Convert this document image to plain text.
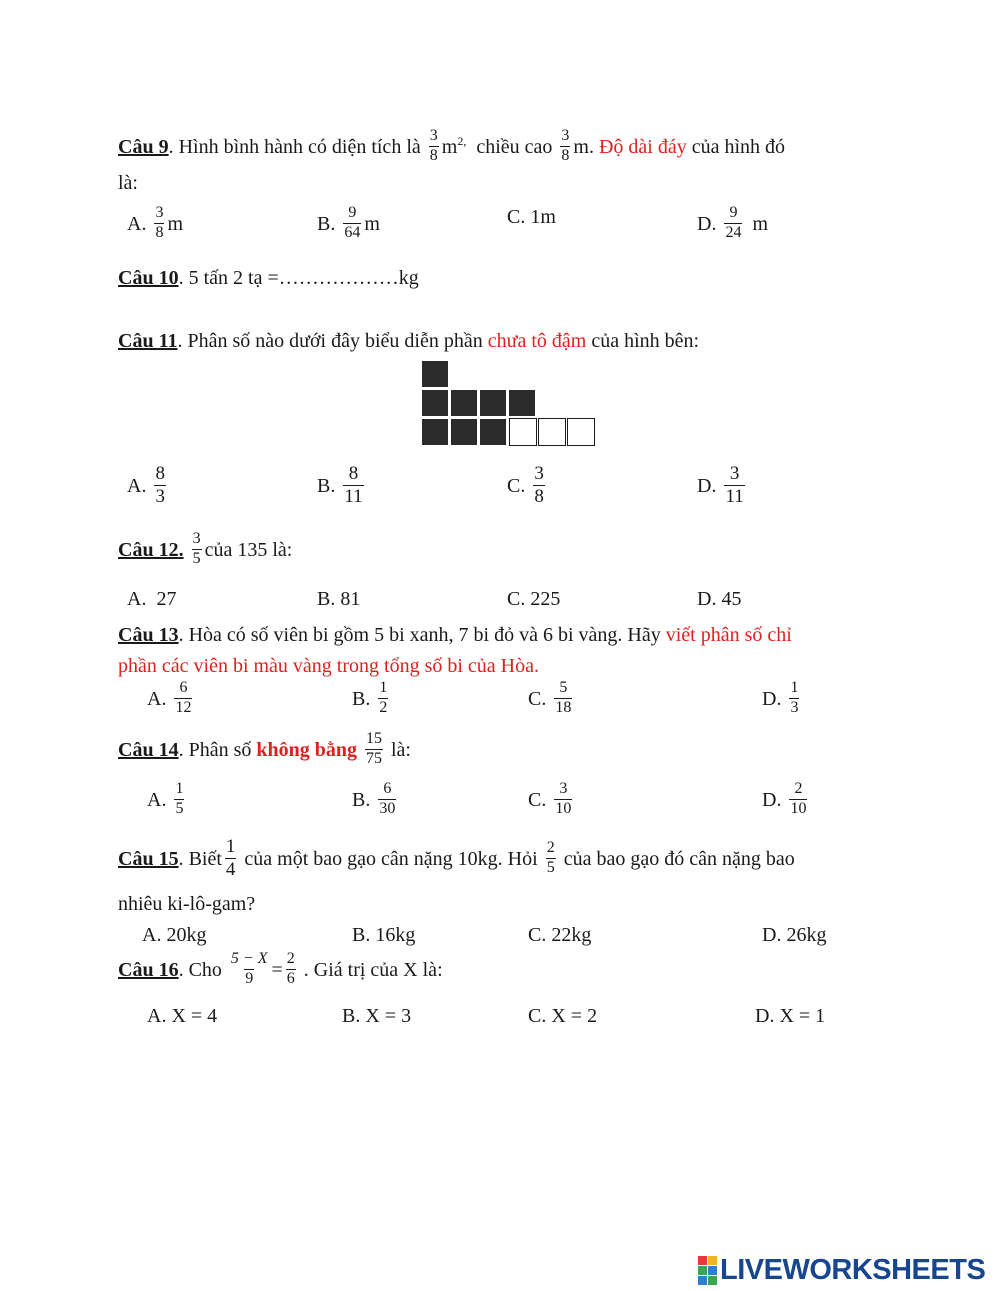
Câu 9. Hình bình hành có diện tích là $\frac{3}{8} m^{2,}$ chiều cao $\frac{3}{8} m$. Độ dài đáy của hình đó
là:
A. $\frac{3}{8}$ m	B. $\frac{9}{64}$ m	C. 1m	D. $\frac{9}{24}$ m
Câu 10. 5 tấn 2 tạ =………………kg
Câu 11. Phân số nào dưới đây biểu diễn phần chưa tô đậm của hình bên:
A. $\frac{8}{3}$	B. $\frac{8}{11}$	C. $\frac{3}{8}$	D. $\frac{3}{11}$
Câu 12. $\frac{3}{5}$ của 135 là:
A. 27	B. 81	C. 225	D. 45
Câu 13. Hòa có số viên bi gồm 5 bi xanh, 7 bi đỏ và 6 bi vàng. Hãy viết phân số chỉ
phần các viên bi màu vàng trong tổng số bi của Hòa.
A. $\frac{6}{12}$	B. $\frac{1}{2}$	C. $\frac{5}{18}$	D. $\frac{1}{3}$
Câu 14. Phân số không bằng $\frac{15}{75}$ là:
A. $\frac{1}{5}$	B. $\frac{6}{30}$	C. $\frac{3}{10}$	D. $\frac{2}{10}$
Câu 15. Biết $\frac{1}{4}$ của một bao gạo cân nặng 10kg. Hỏi $\frac{2}{5}$ của bao gạo đó cân nặng bao
nhiêu ki-lô-gam?
A. 20kg	B. 16kg	C. 22kg	D. 26kg
Câu 16. Cho $\frac{5 - X}{9} = \frac{2}{6}$ . Giá trị của X là:
A. X = 4	B. X = 3	C. X = 2	D. X = 1

LIVEWORKSHEETS
